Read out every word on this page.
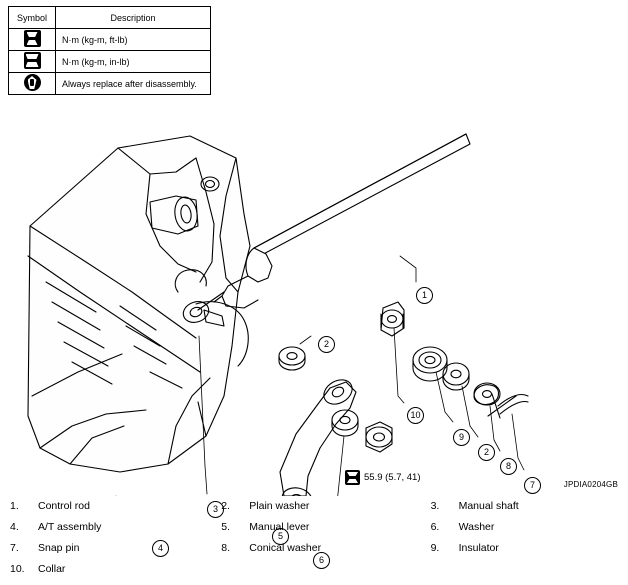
Symbol	Description
	N·m (kg-m, ft-lb)
	N·m (kg-m, in-lb)
	Always replace after disassembly.
1
2
10
9
2
8
7
3
4
5
6
55.9 (5.7, 41)
JPDIA0204GB
1.	Control rod	2.	Plain washer	3.	Manual shaft
4.	A/T assembly	5.	Manual lever	6.	Washer
7.	Snap pin	8.	Conical washer	9.	Insulator
10.	Collar
